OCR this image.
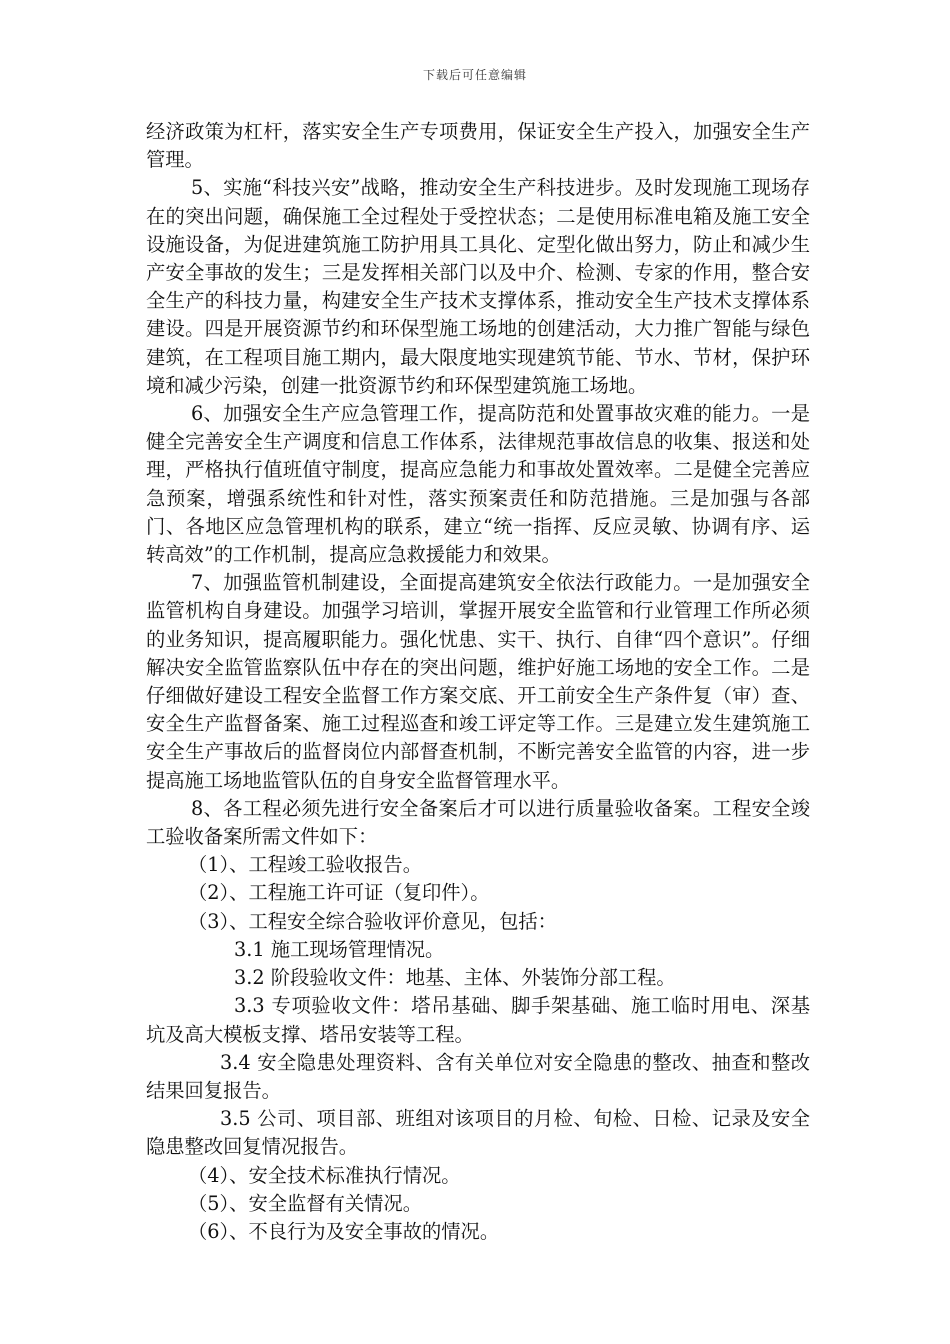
下载后可任意编辑

经济政策为杠杆，落实安全生产专项费用，保证安全生产投入，加强安全生产管理。

5、实施“科技兴安”战略，推动安全生产科技进步。及时发现施工现场存在的突出问题，确保施工全过程处于受控状态；二是使用标准电箱及施工安全设施设备，为促进建筑施工防护用具工具化、定型化做出努力，防止和减少生产安全事故的发生；三是发挥相关部门以及中介、检测、专家的作用，整合安全生产的科技力量，构建安全生产技术支撑体系，推动安全生产技术支撑体系建设。四是开展资源节约和环保型施工场地的创建活动，大力推广智能与绿色建筑，在工程项目施工期内，最大限度地实现建筑节能、节水、节材，保护环境和减少污染，创建一批资源节约和环保型建筑施工场地。

6、加强安全生产应急管理工作，提高防范和处置事故灾难的能力。一是健全完善安全生产调度和信息工作体系，法律规范事故信息的收集、报送和处理，严格执行值班值守制度，提高应急能力和事故处置效率。二是健全完善应急预案，增强系统性和针对性，落实预案责任和防范措施。三是加强与各部门、各地区应急管理机构的联系，建立“统一指挥、反应灵敏、协调有序、运转高效”的工作机制，提高应急救援能力和效果。

7、加强监管机制建设，全面提高建筑安全依法行政能力。一是加强安全监管机构自身建设。加强学习培训，掌握开展安全监管和行业管理工作所必须的业务知识，提高履职能力。强化忧患、实干、执行、自律“四个意识”。仔细解决安全监管监察队伍中存在的突出问题，维护好施工场地的安全工作。二是仔细做好建设工程安全监督工作方案交底、开工前安全生产条件复（审）查、安全生产监督备案、施工过程巡查和竣工评定等工作。三是建立发生建筑施工安全生产事故后的监督岗位内部督查机制，不断完善安全监管的内容，进一步提高施工场地监管队伍的自身安全监督管理水平。

8、各工程必须先进行安全备案后才可以进行质量验收备案。工程安全竣工验收备案所需文件如下：

（1）、工程竣工验收报告。

（2）、工程施工许可证（复印件）。

（3）、工程安全综合验收评价意见，包括：

3.1 施工现场管理情况。

3.2 阶段验收文件：地基、主体、外装饰分部工程。

3.3 专项验收文件：塔吊基础、脚手架基础、施工临时用电、深基坑及高大模板支撑、塔吊安装等工程。

3.4 安全隐患处理资料、含有关单位对安全隐患的整改、抽查和整改结果回复报告。

3.5 公司、项目部、班组对该项目的月检、旬检、日检、记录及安全隐患整改回复情况报告。

（4）、安全技术标准执行情况。

（5）、安全监督有关情况。

（6）、不良行为及安全事故的情况。
